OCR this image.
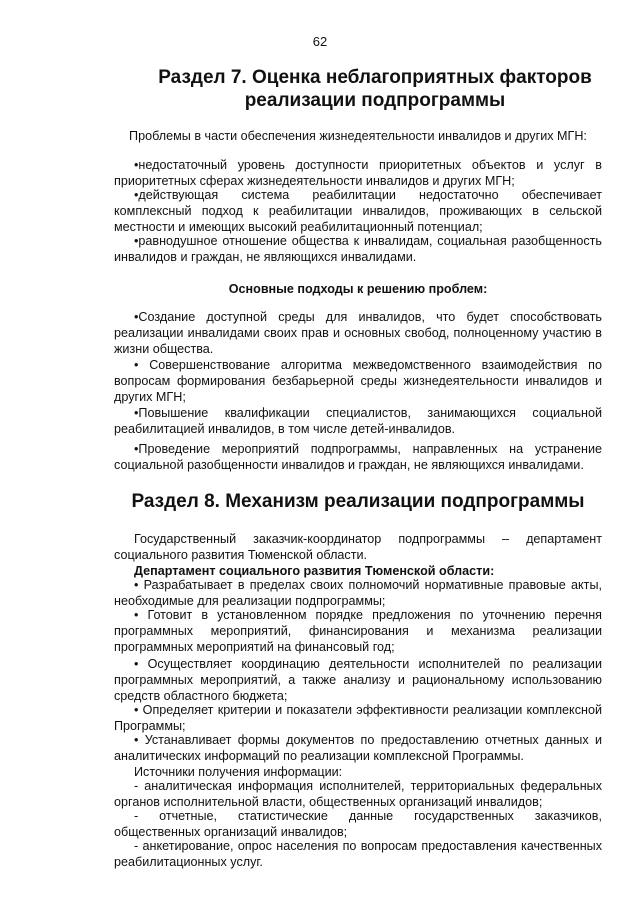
62
Раздел 7. Оценка неблагоприятных факторов
реализации подпрограммы
Проблемы в части обеспечения жизнедеятельности инвалидов и других МГН:
•недостаточный уровень доступности приоритетных объектов и услуг в приоритетных сферах жизнедеятельности инвалидов и других МГН;
•действующая система реабилитации недостаточно обеспечивает комплексный подход к реабилитации инвалидов, проживающих в сельской местности и имеющих высокий реабилитационный потенциал;
•равнодушное отношение общества к инвалидам, социальная разобщенность инвалидов и граждан, не являющихся инвалидами.
Основные подходы к решению проблем:
•Создание доступной среды для инвалидов, что будет способствовать реализации инвалидами своих прав и основных свобод, полноценному участию в жизни общества.
• Совершенствование алгоритма межведомственного взаимодействия по вопросам формирования безбарьерной среды жизнедеятельности инвалидов и других МГН;
•Повышение квалификации специалистов, занимающихся социальной реабилитацией инвалидов, в том числе детей-инвалидов.
•Проведение мероприятий подпрограммы, направленных на устранение социальной разобщенности инвалидов и граждан, не являющихся инвалидами.
Раздел 8. Механизм реализации подпрограммы
Государственный заказчик-координатор подпрограммы – департамент социального развития Тюменской области.
Департамент социального развития Тюменской области:
• Разрабатывает в пределах своих полномочий нормативные правовые акты, необходимые для реализации подпрограммы;
• Готовит в установленном порядке предложения по уточнению перечня программных мероприятий, финансирования и механизма реализации программных мероприятий на финансовый год;
• Осуществляет координацию деятельности исполнителей по реализации программных мероприятий, а также анализу и рациональному использованию средств областного бюджета;
• Определяет критерии и показатели эффективности реализации комплексной Программы;
• Устанавливает формы документов по предоставлению отчетных данных и аналитических информаций по реализации комплексной Программы.
Источники получения информации:
- аналитическая информация исполнителей, территориальных федеральных органов исполнительной власти, общественных организаций инвалидов;
- отчетные, статистические данные государственных заказчиков, общественных организаций инвалидов;
- анкетирование, опрос населения по вопросам предоставления качественных реабилитационных услуг.
